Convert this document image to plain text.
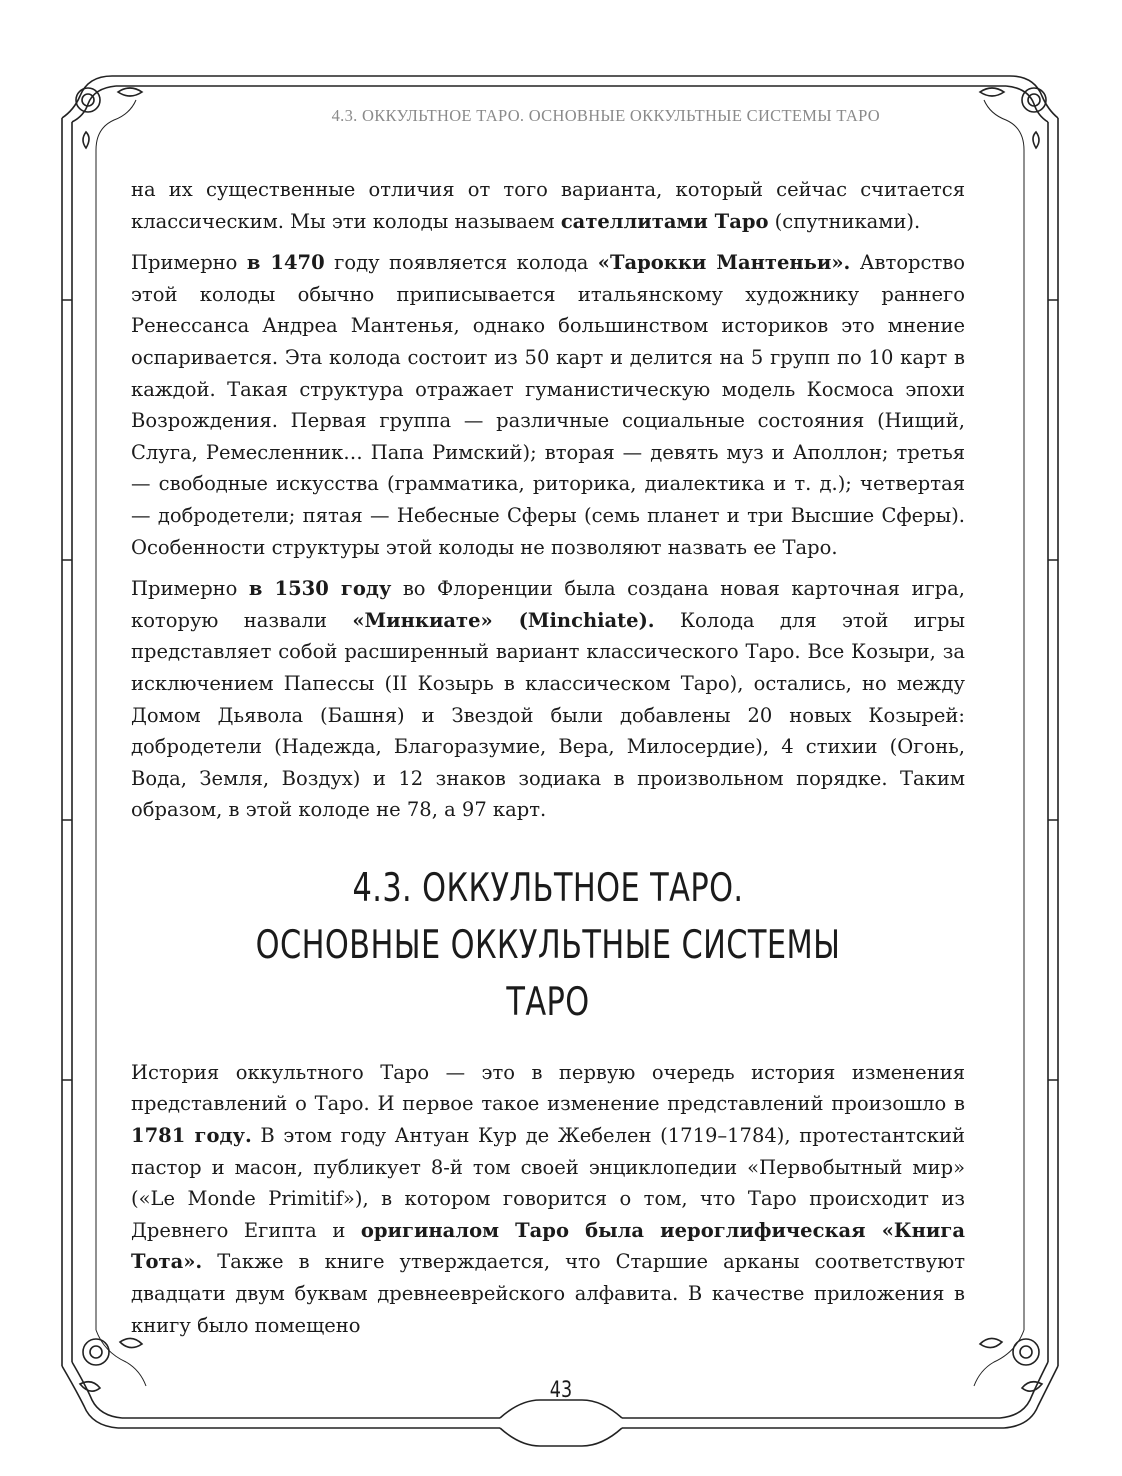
4.3. ОККУЛЬТНОЕ ТАРО. ОСНОВНЫЕ ОККУЛЬТНЫЕ СИСТЕМЫ ТАРО

на их существенные отличия от того варианта, который сейчас считается классическим. Мы эти колоды называем сателлитами Таро (спутниками).

Примерно в 1470 году появляется колода «Тарокки Мантеньи». Авторство этой колоды обычно приписывается итальянскому художнику раннего Ренессанса Андреа Мантенья, однако большинством историков это мнение оспаривается. Эта колода состоит из 50 карт и делится на 5 групп по 10 карт в каждой. Такая структура отражает гуманистическую модель Космоса эпохи Возрождения. Первая группа — различные социальные состояния (Нищий, Слуга, Ремесленник… Папа Римский); вторая — девять муз и Аполлон; третья — свободные искусства (грамматика, риторика, диалектика и т. д.); четвертая — добродетели; пятая — Небесные Сферы (семь планет и три Высшие Сферы). Особенности структуры этой колоды не позволяют назвать ее Таро.

Примерно в 1530 году во Флоренции была создана новая карточная игра, которую назвали «Минкиате» (Minchiate). Колода для этой игры представляет собой расширенный вариант классического Таро. Все Козыри, за исключением Папессы (II Козырь в классическом Таро), остались, но между Домом Дьявола (Башня) и Звездой были добавлены 20 новых Козырей: добродетели (Надежда, Благоразумие, Вера, Милосердие), 4 стихии (Огонь, Вода, Земля, Воздух) и 12 знаков зодиака в произвольном порядке. Таким образом, в этой колоде не 78, а 97 карт.

4.3. ОККУЛЬТНОЕ ТАРО.
ОСНОВНЫЕ ОККУЛЬТНЫЕ СИСТЕМЫ ТАРО

История оккультного Таро — это в первую очередь история изменения представлений о Таро. И первое такое изменение представлений произошло в 1781 году. В этом году Антуан Кур де Жебелен (1719–1784), протестантский пастор и масон, публикует 8-й том своей энциклопедии «Первобытный мир» («Le Monde Primitif»), в котором говорится о том, что Таро происходит из Древнего Египта и оригиналом Таро была иероглифическая «Книга Тота». Также в книге утверждается, что Старшие арканы соответствуют двадцати двум буквам древнееврейского алфавита. В качестве приложения в книгу было помещено

43
